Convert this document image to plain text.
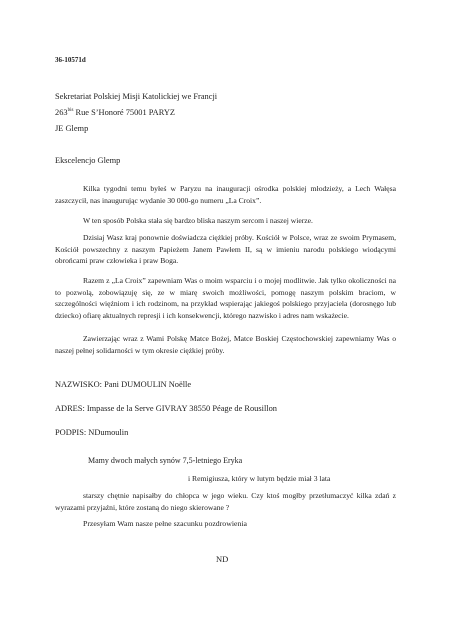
36-10571d
Sekretariat Polskiej Misji Katolickiej we Francji
$263^{bis}$ Rue S’Honoré 75001 PARYZ
JE Glemp
Ekscelencjo Glemp
Kilka tygodni temu byłeś w Paryzu na inauguracji ośrodka polskiej młodzieży, a Lech Wałęsa zaszczycił, nas inaugurując wydanie 30 000-go numeru „La Croix”.
W ten sposób Polska stała się bardzo bliska naszym sercom i naszej wierze.
Dzisiaj Wasz kraj ponownie doświadcza ciężkiej próby. Kościół w Polsce, wraz ze swoim Prymasem, Kościół powszechny z naszym Papieżem Janem Pawłem II, są w imieniu narodu polskiego wiodącymi obrońcami praw człowieka i praw Boga.
Razem z „La Croix” zapewniam Was o moim wsparciu i o mojej modlitwie. Jak tylko okoliczności na to pozwolą, zobowiązuję się, ze w miarę swoich możliwości, pomogę naszym polskim braciom, w szczególności więźniom i ich rodzinom, na przykład wspierając jakiegoś polskiego przyjaciela (dorosnęgo lub dziecko) ofiarę aktualnych represji i ich konsekwencji, którego nazwisko i adres nam wskażecie.
Zawierzając wraz z Wami Polskę Matce Bożej, Matce Boskiej Częstochowskiej zapewniamy Was o naszej pełnej solidarności w tym okresie ciężkiej próby.
NAZWISKO: Pani DUMOULIN Noëlle
ADRES: Impasse de la Serve GIVRAY 38550 Péage de Rousillon
PODPIS: NDumoulin
Mamy dwoch małych synów 7,5-letniego Eryka
i Remigiusza, który w lutym będzie miał 3 lata
starszy chętnie napisałby do chłopca w jego wieku. Czy ktoś mogłby przetłumaczyć kilka zdań z wyrazami przyjaźni, które zostaną do niego skierowane ?
Przesyłam Wam nasze pełne szacunku pozdrowienia
ND
